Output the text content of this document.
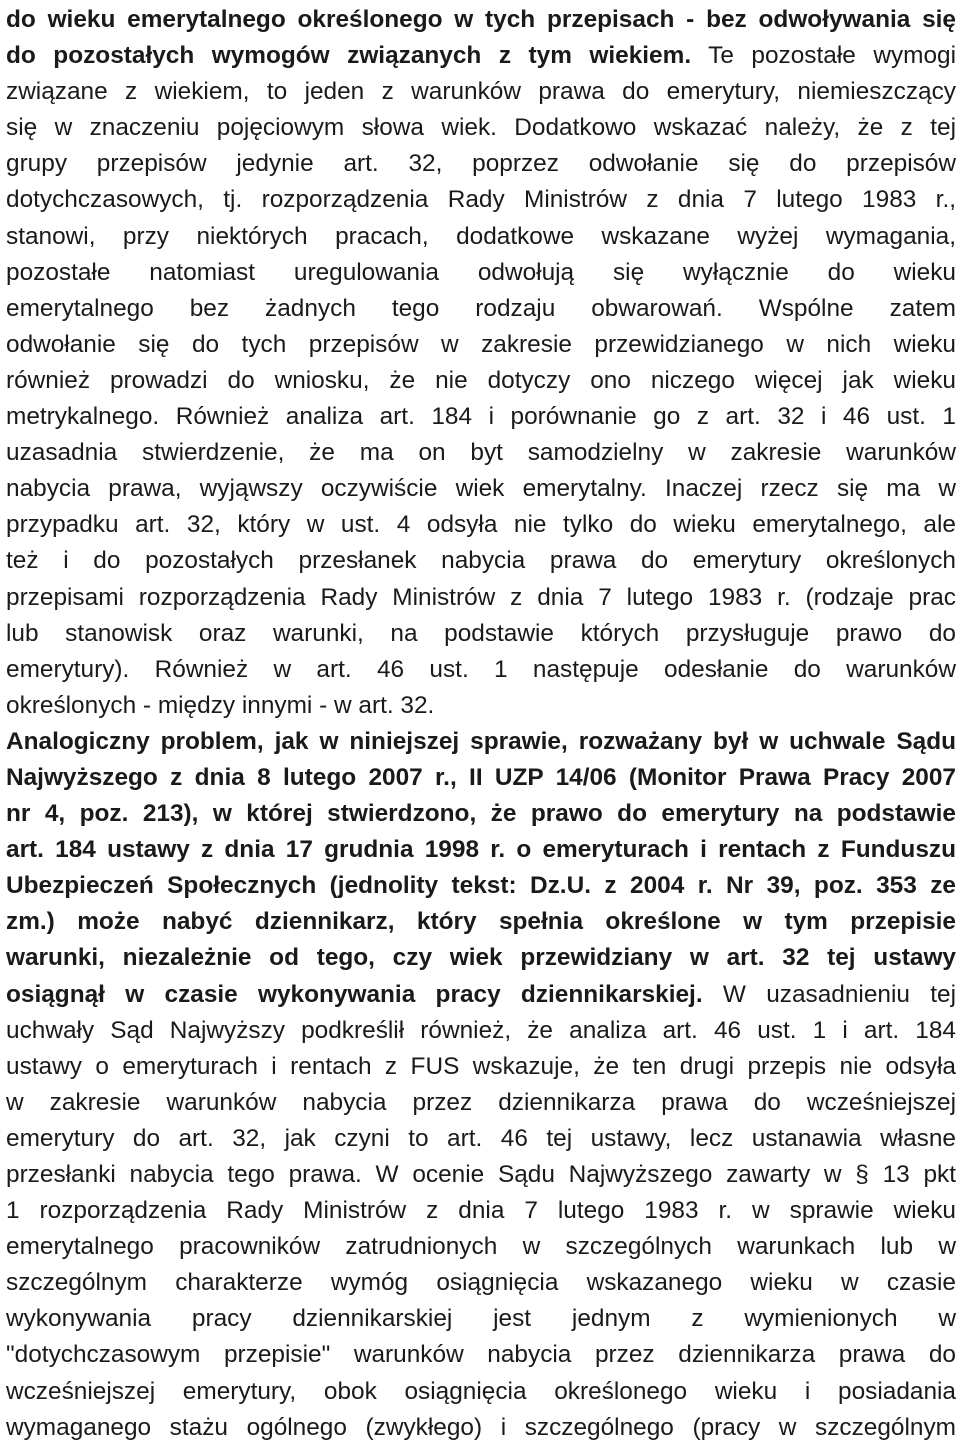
do wieku emerytalnego określonego w tych przepisach - bez odwoływania się
do pozostałych wymogów związanych z tym wiekiem. Te pozostałe wymogi
związane z wiekiem, to jeden z warunków prawa do emerytury, niemieszczący
się w znaczeniu pojęciowym słowa wiek. Dodatkowo wskazać należy, że z tej
grupy przepisów jedynie art. 32, poprzez odwołanie się do przepisów
dotychczasowych, tj. rozporządzenia Rady Ministrów z dnia 7 lutego 1983 r.,
stanowi, przy niektórych pracach, dodatkowe wskazane wyżej wymagania,
pozostałe natomiast uregulowania odwołują się wyłącznie do wieku
emerytalnego bez żadnych tego rodzaju obwarowań. Wspólne zatem
odwołanie się do tych przepisów w zakresie przewidzianego w nich wieku
również prowadzi do wniosku, że nie dotyczy ono niczego więcej jak wieku
metrykalnego. Również analiza art. 184 i porównanie go z art. 32 i 46 ust. 1
uzasadnia stwierdzenie, że ma on byt samodzielny w zakresie warunków
nabycia prawa, wyjąwszy oczywiście wiek emerytalny. Inaczej rzecz się ma w
przypadku art. 32, który w ust. 4 odsyła nie tylko do wieku emerytalnego, ale
też i do pozostałych przesłanek nabycia prawa do emerytury określonych
przepisami rozporządzenia Rady Ministrów z dnia 7 lutego 1983 r. (rodzaje prac
lub stanowisk oraz warunki, na podstawie których przysługuje prawo do
emerytury). Również w art. 46 ust. 1 następuje odesłanie do warunków
określonych - między innymi - w art. 32.
Analogiczny problem, jak w niniejszej sprawie, rozważany był w uchwale Sądu
Najwyższego z dnia 8 lutego 2007 r., II UZP 14/06 (Monitor Prawa Pracy 2007
nr 4, poz. 213), w której stwierdzono, że prawo do emerytury na podstawie
art. 184 ustawy z dnia 17 grudnia 1998 r. o emeryturach i rentach z Funduszu
Ubezpieczeń Społecznych (jednolity tekst: Dz.U. z 2004 r. Nr 39, poz. 353 ze
zm.) może nabyć dziennikarz, który spełnia określone w tym przepisie
warunki, niezależnie od tego, czy wiek przewidziany w art. 32 tej ustawy
osiągnął w czasie wykonywania pracy dziennikarskiej. W uzasadnieniu tej
uchwały Sąd Najwyższy podkreślił również, że analiza art. 46 ust. 1 i art. 184
ustawy o emeryturach i rentach z FUS wskazuje, że ten drugi przepis nie odsyła
w zakresie warunków nabycia przez dziennikarza prawa do wcześniejszej
emerytury do art. 32, jak czyni to art. 46 tej ustawy, lecz ustanawia własne
przesłanki nabycia tego prawa. W ocenie Sądu Najwyższego zawarty w § 13 pkt
1 rozporządzenia Rady Ministrów z dnia 7 lutego 1983 r. w sprawie wieku
emerytalnego pracowników zatrudnionych w szczególnych warunkach lub w
szczególnym charakterze wymóg osiągnięcia wskazanego wieku w czasie
wykonywania pracy dziennikarskiej jest jednym z wymienionych w
"dotychczasowym przepisie" warunków nabycia przez dziennikarza prawa do
wcześniejszej emerytury, obok osiągnięcia określonego wieku i posiadania
wymaganego stażu ogólnego (zwykłego) i szczególnego (pracy w szczególnym
